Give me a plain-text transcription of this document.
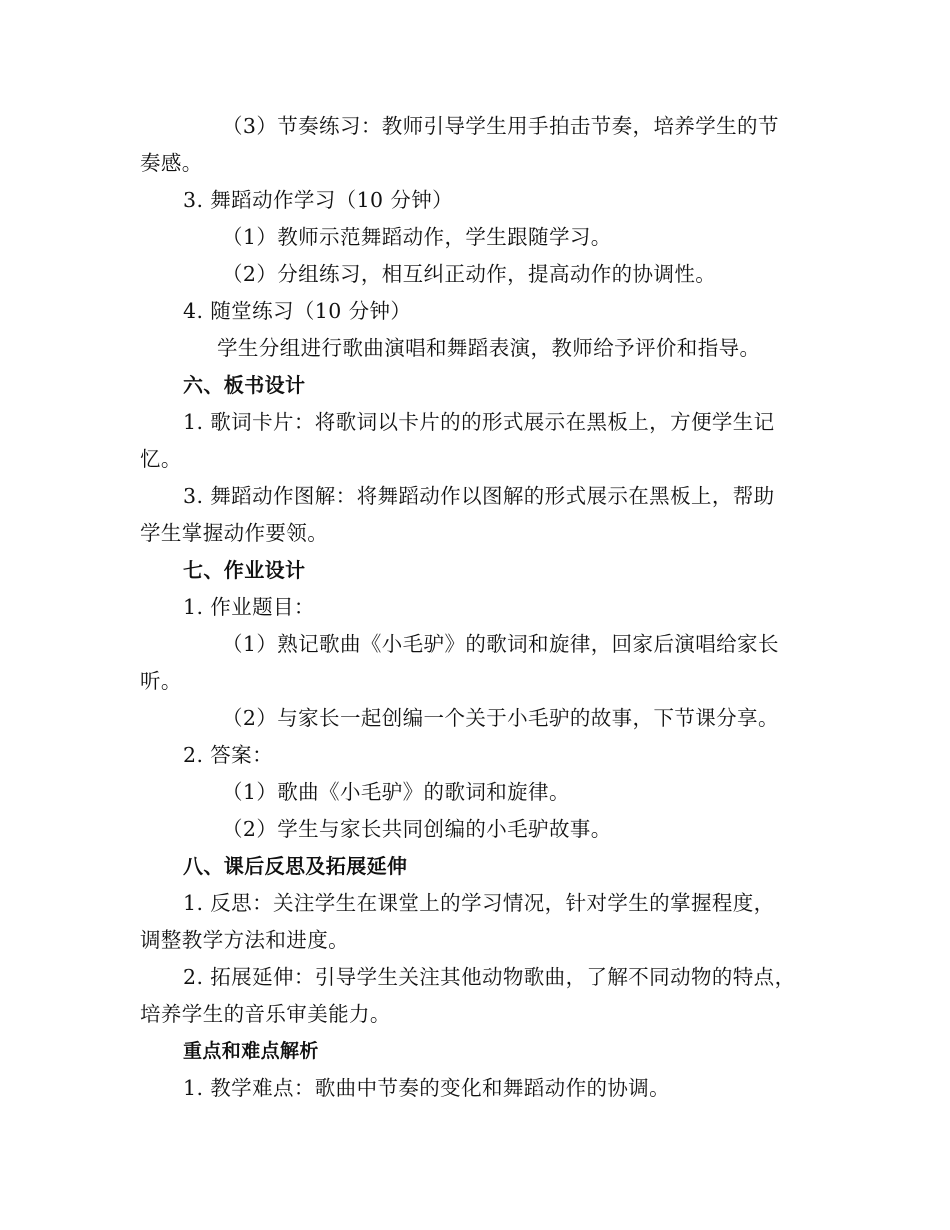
（3）节奏练习：教师引导学生用手拍击节奏，培养学生的节
奏感。
3. 舞蹈动作学习（10 分钟）
（1）教师示范舞蹈动作，学生跟随学习。
（2）分组练习，相互纠正动作，提高动作的协调性。
4. 随堂练习（10 分钟）
学生分组进行歌曲演唱和舞蹈表演，教师给予评价和指导。
六、板书设计
1. 歌词卡片：将歌词以卡片的的形式展示在黑板上，方便学生记
忆。
3. 舞蹈动作图解：将舞蹈动作以图解的形式展示在黑板上，帮助
学生掌握动作要领。
七、作业设计
1. 作业题目：
（1）熟记歌曲《小毛驴》的歌词和旋律，回家后演唱给家长
听。
（2）与家长一起创编一个关于小毛驴的故事，下节课分享。
2. 答案：
（1）歌曲《小毛驴》的歌词和旋律。
（2）学生与家长共同创编的小毛驴故事。
八、课后反思及拓展延伸
1. 反思：关注学生在课堂上的学习情况，针对学生的掌握程度，
调整教学方法和进度。
2. 拓展延伸：引导学生关注其他动物歌曲，了解不同动物的特点，
培养学生的音乐审美能力。
重点和难点解析
1. 教学难点：歌曲中节奏的变化和舞蹈动作的协调。
